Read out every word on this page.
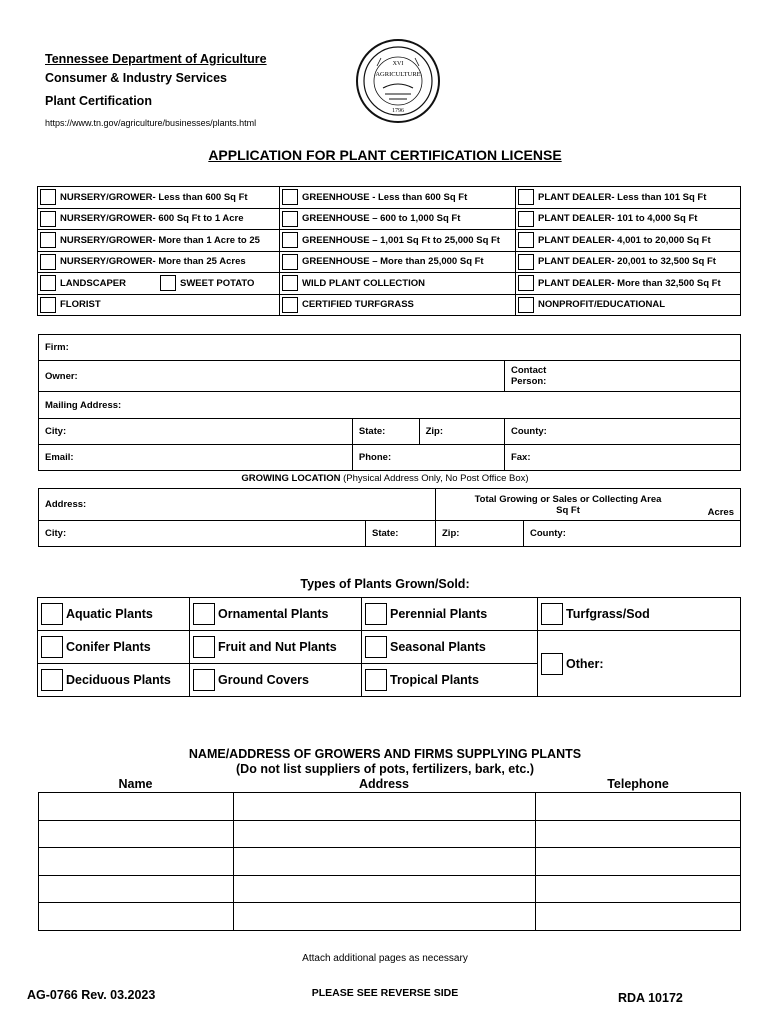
Tennessee Department of Agriculture
Consumer & Industry Services
Plant Certification
https://www.tn.gov/agriculture/businesses/plants.html
AGRICULTURE
XVI
1796
APPLICATION FOR PLANT CERTIFICATION LICENSE
NURSERY/GROWER- Less than 600 Sq Ft	GREENHOUSE - Less than 600 Sq Ft	PLANT DEALER- Less than 101 Sq Ft

NURSERY/GROWER- 600 Sq Ft to 1 Acre	GREENHOUSE – 600 to 1,000 Sq Ft	PLANT DEALER- 101 to 4,000 Sq Ft

NURSERY/GROWER- More than 1 Acre to 25	GREENHOUSE – 1,001 Sq Ft to 25,000 Sq Ft	PLANT DEALER- 4,001 to 20,000 Sq Ft

NURSERY/GROWER- More than 25 Acres	GREENHOUSE – More than 25,000 Sq Ft	PLANT DEALER- 20,001 to 32,500 Sq Ft

LANDSCAPER SWEET POTATO	WILD PLANT COLLECTION	PLANT DEALER- More than 32,500 Sq Ft

FLORIST	CERTIFIED TURFGRASS	NONPROFIT/EDUCATIONAL
Firm:			
Owner:			Contact
Person:

Mailing Address:			
City:	State:	Zip:	County:
Email:	Phone:		Fax:
GROWING LOCATION (Physical Address Only, No Post Office Box)
Address:		Total Growing or Sales or Collecting Area
Sq Ft Acres	

City:	State:	Zip:	County:
Types of Plants Grown/Sold:
Aquatic Plants	Ornamental Plants	Perennial Plants	Turfgrass/Sod

Conifer Plants	Fruit and Nut Plants	Seasonal Plants	Other:

Deciduous Plants	Ground Covers	Tropical Plants	
NAME/ADDRESS OF GROWERS AND FIRMS SUPPLYING PLANTS
(Do not list suppliers of pots, fertilizers, bark, etc.)
Name	Address	Telephone

Attach additional pages as necessary
AG-0766 Rev. 03.2023	PLEASE SEE REVERSE SIDE	RDA 10172
